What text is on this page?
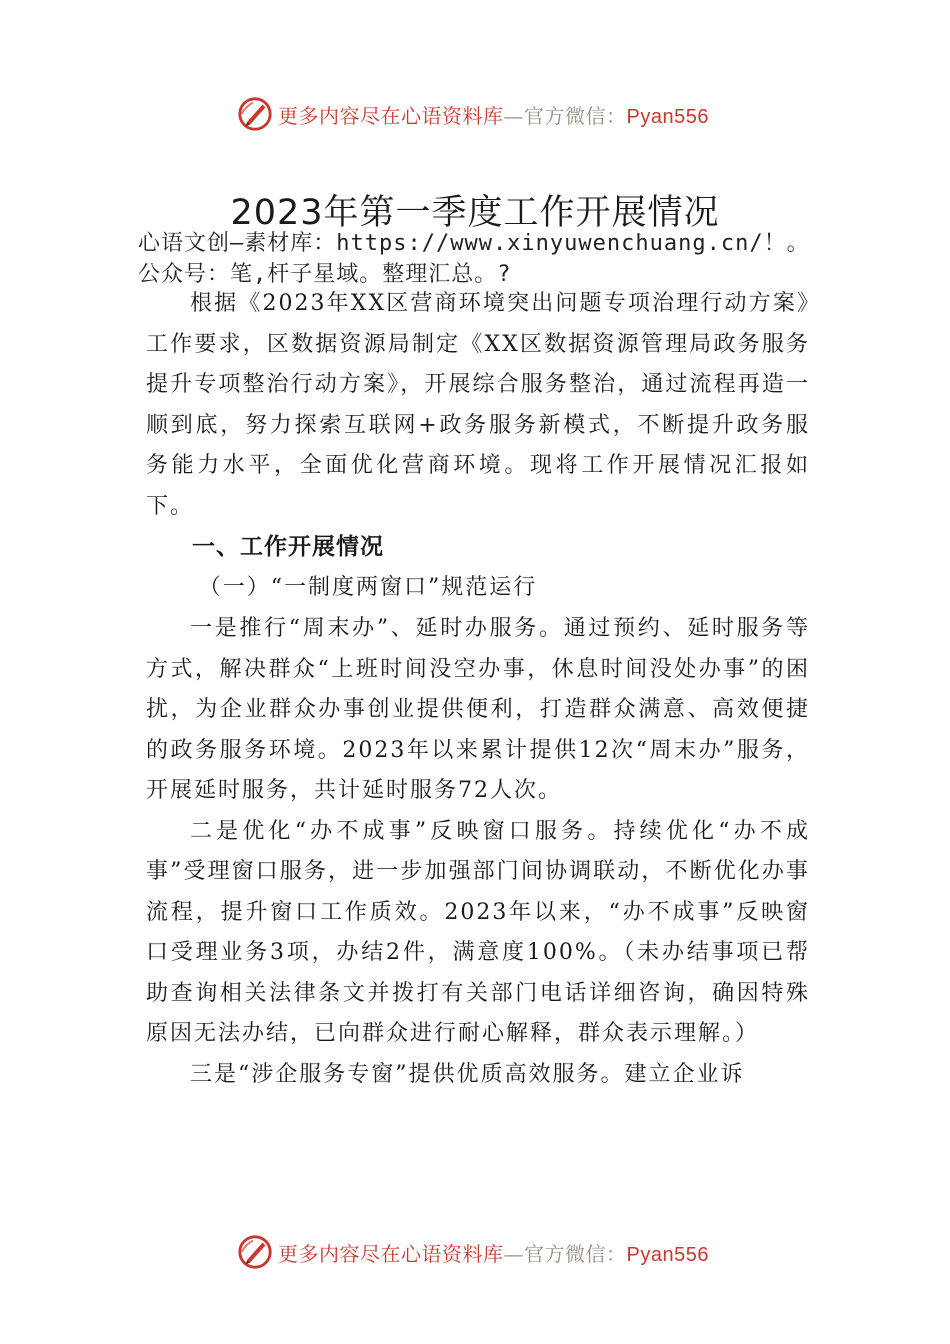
更多内容尽在心语资料库—官方微信：Pyan556
2023年第一季度工作开展情况
心语文创—素材库：https://www.xinyuwenchuang.cn/！。公众号：笔,杆子星域。整理汇总。?

根据《2023年XX区营商环境突出问题专项治理行动方案》工作要求，区数据资源局制定《XX区数据资源管理局政务服务提升专项整治行动方案》，开展综合服务整治，通过流程再造一顺到底，努力探索互联网+政务服务新模式，不断提升政务服务能力水平，全面优化营商环境。现将工作开展情况汇报如下。

一、工作开展情况

（一）“一制度两窗口”规范运行

一是推行“周末办”、延时办服务。通过预约、延时服务等方式，解决群众“上班时间没空办事，休息时间没处办事”的困扰，为企业群众办事创业提供便利，打造群众满意、高效便捷的政务服务环境。2023年以来累计提供12次“周末办”服务，开展延时服务，共计延时服务72人次。

二是优化“办不成事”反映窗口服务。持续优化“办不成事”受理窗口服务，进一步加强部门间协调联动，不断优化办事流程，提升窗口工作质效。2023年以来，“办不成事”反映窗口受理业务3项，办结2件，满意度100%。（未办结事项已帮助查询相关法律条文并拨打有关部门电话详细咨询，确因特殊原因无法办结，已向群众进行耐心解释，群众表示理解。）

三是“涉企服务专窗”提供优质高效服务。建立企业诉

更多内容尽在心语资料库—官方微信：Pyan556
